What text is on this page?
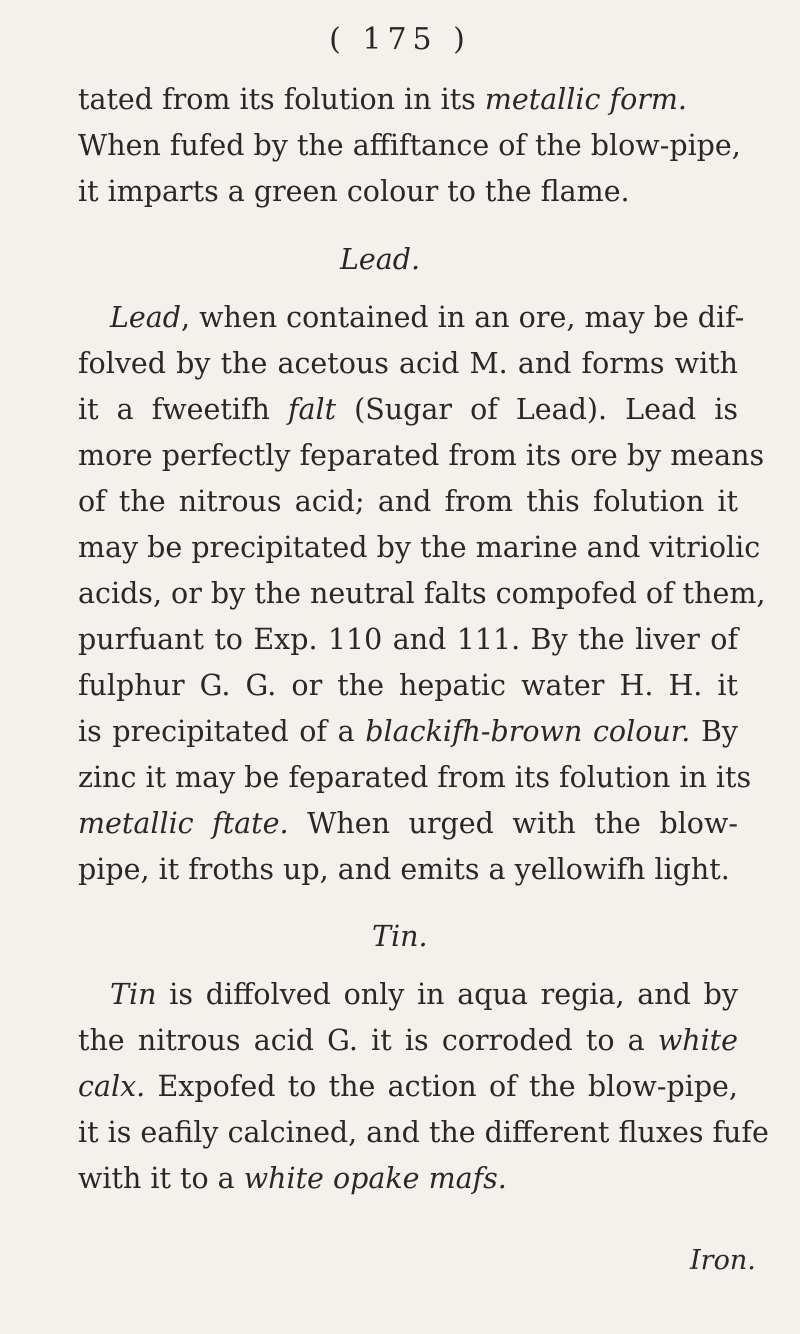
( 175 )
tated from its folution in its metallic form.
When fufed by the affiftance of the blow-pipe,
it imparts a green colour to the flame.
Lead.
Lead, when contained in an ore, may be dif-
folved by the acetous acid M. and forms with
it a fweetifh falt (Sugar of Lead). Lead is
more perfectly feparated from its ore by means
of the nitrous acid; and from this folution it
may be precipitated by the marine and vitriolic
acids, or by the neutral falts compofed of them,
purfuant to Exp. 110 and 111. By the liver of
fulphur G. G. or the hepatic water H. H. it
is precipitated of a blackifh-brown colour. By
zinc it may be feparated from its folution in its
metallic ftate. When urged with the blow-
pipe, it froths up, and emits a yellowifh light.
Tin.
Tin is diffolved only in aqua regia, and by
the nitrous acid G. it is corroded to a white
calx. Expofed to the action of the blow-pipe,
it is eafily calcined, and the different fluxes fufe
with it to a white opake mafs.
Iron.
